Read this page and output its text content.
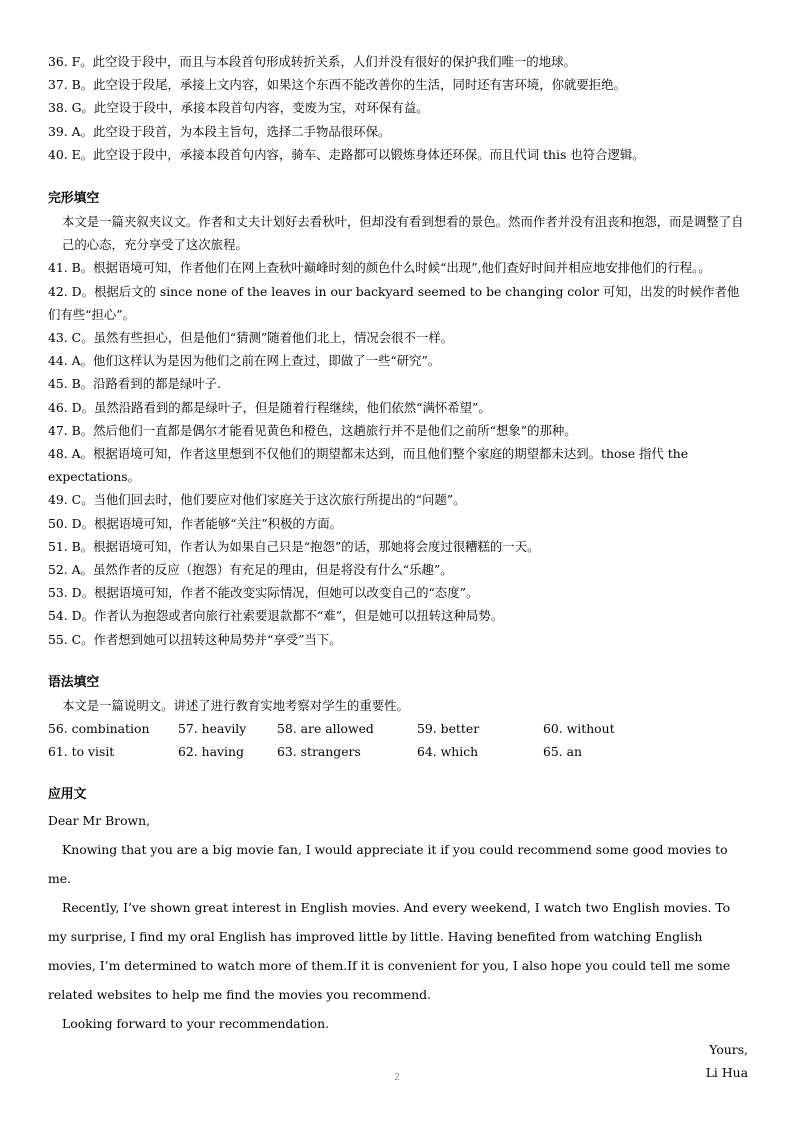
36. F。此空设于段中，而且与本段首句形成转折关系，人们并没有很好的保护我们唯一的地球。
37. B。此空设于段尾，承接上文内容，如果这个东西不能改善你的生活，同时还有害环境，你就要拒绝。
38. G。此空设于段中，承接本段首句内容，变废为宝，对环保有益。
39. A。此空设于段首，为本段主旨句，选择二手物品很环保。
40. E。此空设于段中，承接本段首句内容，骑车、走路都可以锻炼身体还环保。而且代词 this 也符合逻辑。
完形填空
本文是一篇夹叙夹议文。作者和丈夫计划好去看秋叶，但却没有看到想看的景色。然而作者并没有沮丧和抱怨，而是调整了自己的心态，充分享受了这次旅程。
41. B。根据语境可知，作者他们在网上查秋叶巅峰时刻的颜色什么时候“出现”,他们查好时间并相应地安排他们的行程。。
42. D。根据后文的 since none of the leaves in our backyard seemed to be changing color 可知，出发的时候作者他们有些“担心”。
43. C。虽然有些担心，但是他们“猜测”随着他们北上，情况会很不一样。
44. A。他们这样认为是因为他们之前在网上查过，即做了一些“研究”。
45. B。沿路看到的都是绿叶子.
46. D。虽然沿路看到的都是绿叶子，但是随着行程继续，他们依然“满怀希望”。
47. B。然后他们一直都是偶尔才能看见黄色和橙色，这趟旅行并不是他们之前所“想象”的那种。
48. A。根据语境可知，作者这里想到不仅他们的期望都未达到，而且他们整个家庭的期望都未达到。those 指代 the expectations。
49. C。当他们回去时，他们要应对他们家庭关于这次旅行所提出的“问题”。
50. D。根据语境可知，作者能够“关注”积极的方面。
51. B。根据语境可知，作者认为如果自己只是“抱怨”的话，那她将会度过很糟糕的一天。
52. A。虽然作者的反应（抱怨）有充足的理由，但是将没有什么“乐趣”。
53. D。根据语境可知，作者不能改变实际情况，但她可以改变自己的“态度”。
54. D。作者认为抱怨或者向旅行社索要退款都不“难”，但是她可以扭转这种局势。
55. C。作者想到她可以扭转这种局势并“享受”当下。
语法填空
本文是一篇说明文。讲述了进行教育实地考察对学生的重要性。
56. combination	57. heavily	58. are allowed	59. better	60. without
61. to visit	62. having	63. strangers	64. which	65. an
应用文

Dear Mr Brown,

Knowing that you are a big movie fan, I would appreciate it if you could recommend some good movies to me.

Recently, I’ve shown great interest in English movies. And every weekend, I watch two English movies. To my surprise, I find my oral English has improved little by little. Having benefited from watching English movies, I’m determined to watch more of them.If it is convenient for you, I also hope you could tell me some related websites to help me find the movies you recommend.

Looking forward to your recommendation.

Yours,

Li Hua

2
